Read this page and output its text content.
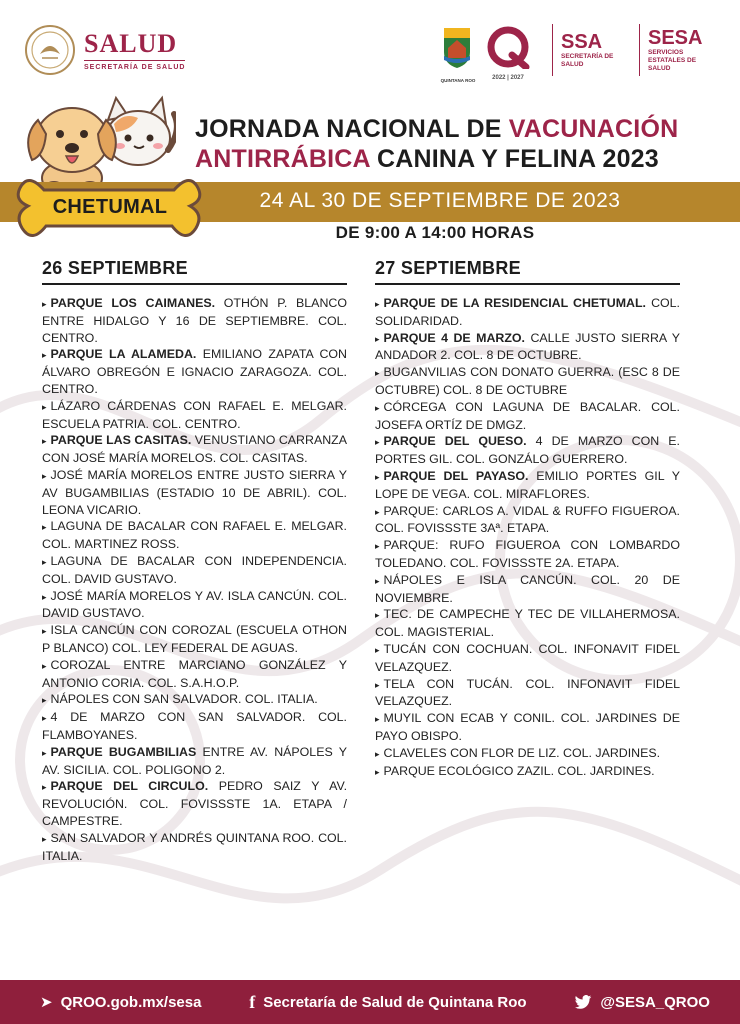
SALUD
SECRETARÍA DE SALUD
QUINTANA ROO	2022 | 2027
SSA
SECRETARÍA DE SALUD
SESA
SERVICIOS ESTATALES DE SALUD
JORNADA NACIONAL DE VACUNACIÓN
ANTIRRÁBICA CANINA Y FELINA 2023
24 AL 30 DE SEPTIEMBRE DE 2023
CHETUMAL
DE 9:00 A 14:00 HORAS
26 SEPTIEMBRE
▸ PARQUE LOS CAIMANES. OTHÓN P. BLANCO ENTRE HIDALGO Y 16 DE SEPTIEMBRE. COL. CENTRO.
▸ PARQUE LA ALAMEDA. EMILIANO ZAPATA CON ÁLVARO OBREGÓN E IGNACIO ZARAGOZA. COL. CENTRO.
▸ LÁZARO CÁRDENAS CON RAFAEL E. MELGAR. ESCUELA PATRIA. COL. CENTRO.
▸ PARQUE LAS CASITAS. VENUSTIANO CARRANZA CON JOSÉ MARÍA MORELOS. COL. CASITAS.
▸ JOSÉ MARÍA MORELOS ENTRE JUSTO SIERRA Y AV BUGAMBILIAS (ESTADIO 10 DE ABRIL). COL. LEONA VICARIO.
▸ LAGUNA DE BACALAR CON RAFAEL E. MELGAR. COL. MARTINEZ ROSS.
▸ LAGUNA DE BACALAR CON INDEPENDENCIA. COL. DAVID GUSTAVO.
▸ JOSÉ MARÍA MORELOS Y AV. ISLA CANCÚN. COL. DAVID GUSTAVO.
▸ ISLA CANCÚN CON COROZAL (ESCUELA OTHON P BLANCO) COL. LEY FEDERAL DE AGUAS.
▸ COROZAL ENTRE MARCIANO GONZÁLEZ Y ANTONIO CORIA. COL. S.A.H.O.P.
▸ NÁPOLES CON SAN SALVADOR. COL. ITALIA.
▸ 4 DE MARZO CON SAN SALVADOR. COL. FLAMBOYANES.
▸ PARQUE BUGAMBILIAS ENTRE AV. NÁPOLES Y AV. SICILIA. COL. POLIGONO 2.
▸ PARQUE DEL CIRCULO. PEDRO SAIZ Y AV. REVOLUCIÓN. COL. FOVISSSTE 1A. ETAPA / CAMPESTRE.
▸ SAN SALVADOR Y ANDRÉS QUINTANA ROO. COL. ITALIA.
27 SEPTIEMBRE
▸ PARQUE DE LA RESIDENCIAL CHETUMAL. COL. SOLIDARIDAD.
▸ PARQUE 4 DE MARZO. CALLE JUSTO SIERRA Y ANDADOR 2. COL. 8 DE OCTUBRE.
▸ BUGANVILIAS CON DONATO GUERRA. (ESC 8 DE OCTUBRE) COL. 8 DE OCTUBRE
▸ CÓRCEGA CON LAGUNA DE BACALAR. COL. JOSEFA ORTÍZ DE DMGZ.
▸ PARQUE DEL QUESO. 4 DE MARZO CON E. PORTES GIL. COL. GONZÁLO GUERRERO.
▸ PARQUE DEL PAYASO. EMILIO PORTES GIL Y LOPE DE VEGA. COL. MIRAFLORES.
▸ PARQUE: CARLOS A. VIDAL & RUFFO FIGUEROA. COL. FOVISSSTE 3Aª. ETAPA.
▸ PARQUE: RUFO FIGUEROA CON LOMBARDO TOLEDANO. COL. FOVISSSTE 2A. ETAPA.
▸ NÁPOLES E ISLA CANCÚN. COL. 20 DE NOVIEMBRE.
▸ TEC. DE CAMPECHE Y TEC DE VILLAHERMOSA. COL. MAGISTERIAL.
▸ TUCÁN CON COCHUAN. COL. INFONAVIT FIDEL VELAZQUEZ.
▸ TELA CON TUCÁN. COL. INFONAVIT FIDEL VELAZQUEZ.
▸ MUYIL CON ECAB Y CONIL. COL. JARDINES DE PAYO OBISPO.
▸ CLAVELES CON FLOR DE LIZ. COL. JARDINES.
▸ PARQUE ECOLÓGICO ZAZIL. COL. JARDINES.
➤ QROO.gob.mx/sesa	f Secretaría de Salud de Quintana Roo	@SESA_QROO
